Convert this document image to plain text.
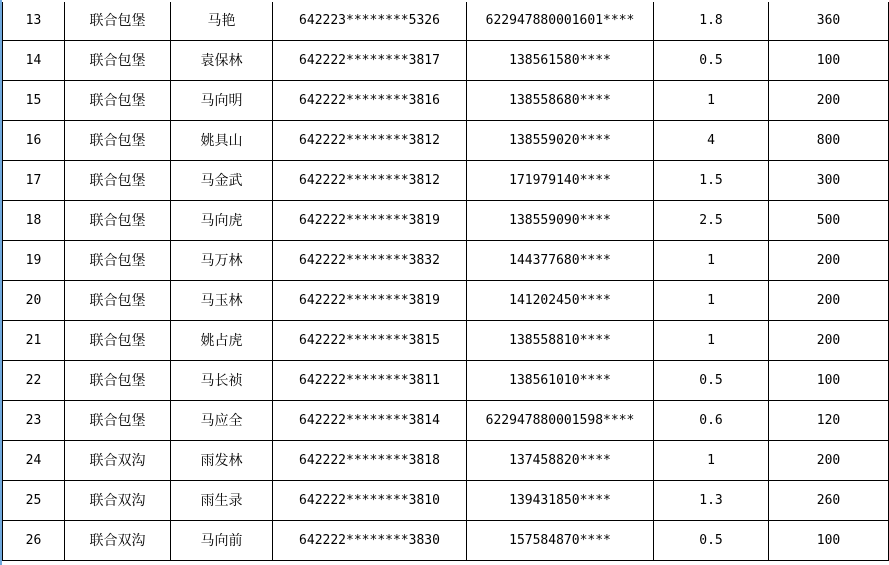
13	联合包堡	马艳	642223********5326	622947880001601****	1.8	360
14	联合包堡	袁保林	642222********3817	138561580****	0.5	100
15	联合包堡	马向明	642222********3816	138558680****	1	200
16	联合包堡	姚具山	642222********3812	138559020****	4	800
17	联合包堡	马金武	642222********3812	171979140****	1.5	300
18	联合包堡	马向虎	642222********3819	138559090****	2.5	500
19	联合包堡	马万林	642222********3832	144377680****	1	200
20	联合包堡	马玉林	642222********3819	141202450****	1	200
21	联合包堡	姚占虎	642222********3815	138558810****	1	200
22	联合包堡	马长祯	642222********3811	138561010****	0.5	100
23	联合包堡	马应全	642222********3814	622947880001598****	0.6	120
24	联合双沟	雨发林	642222********3818	137458820****	1	200
25	联合双沟	雨生录	642222********3810	139431850****	1.3	260
26	联合双沟	马向前	642222********3830	157584870****	0.5	100
